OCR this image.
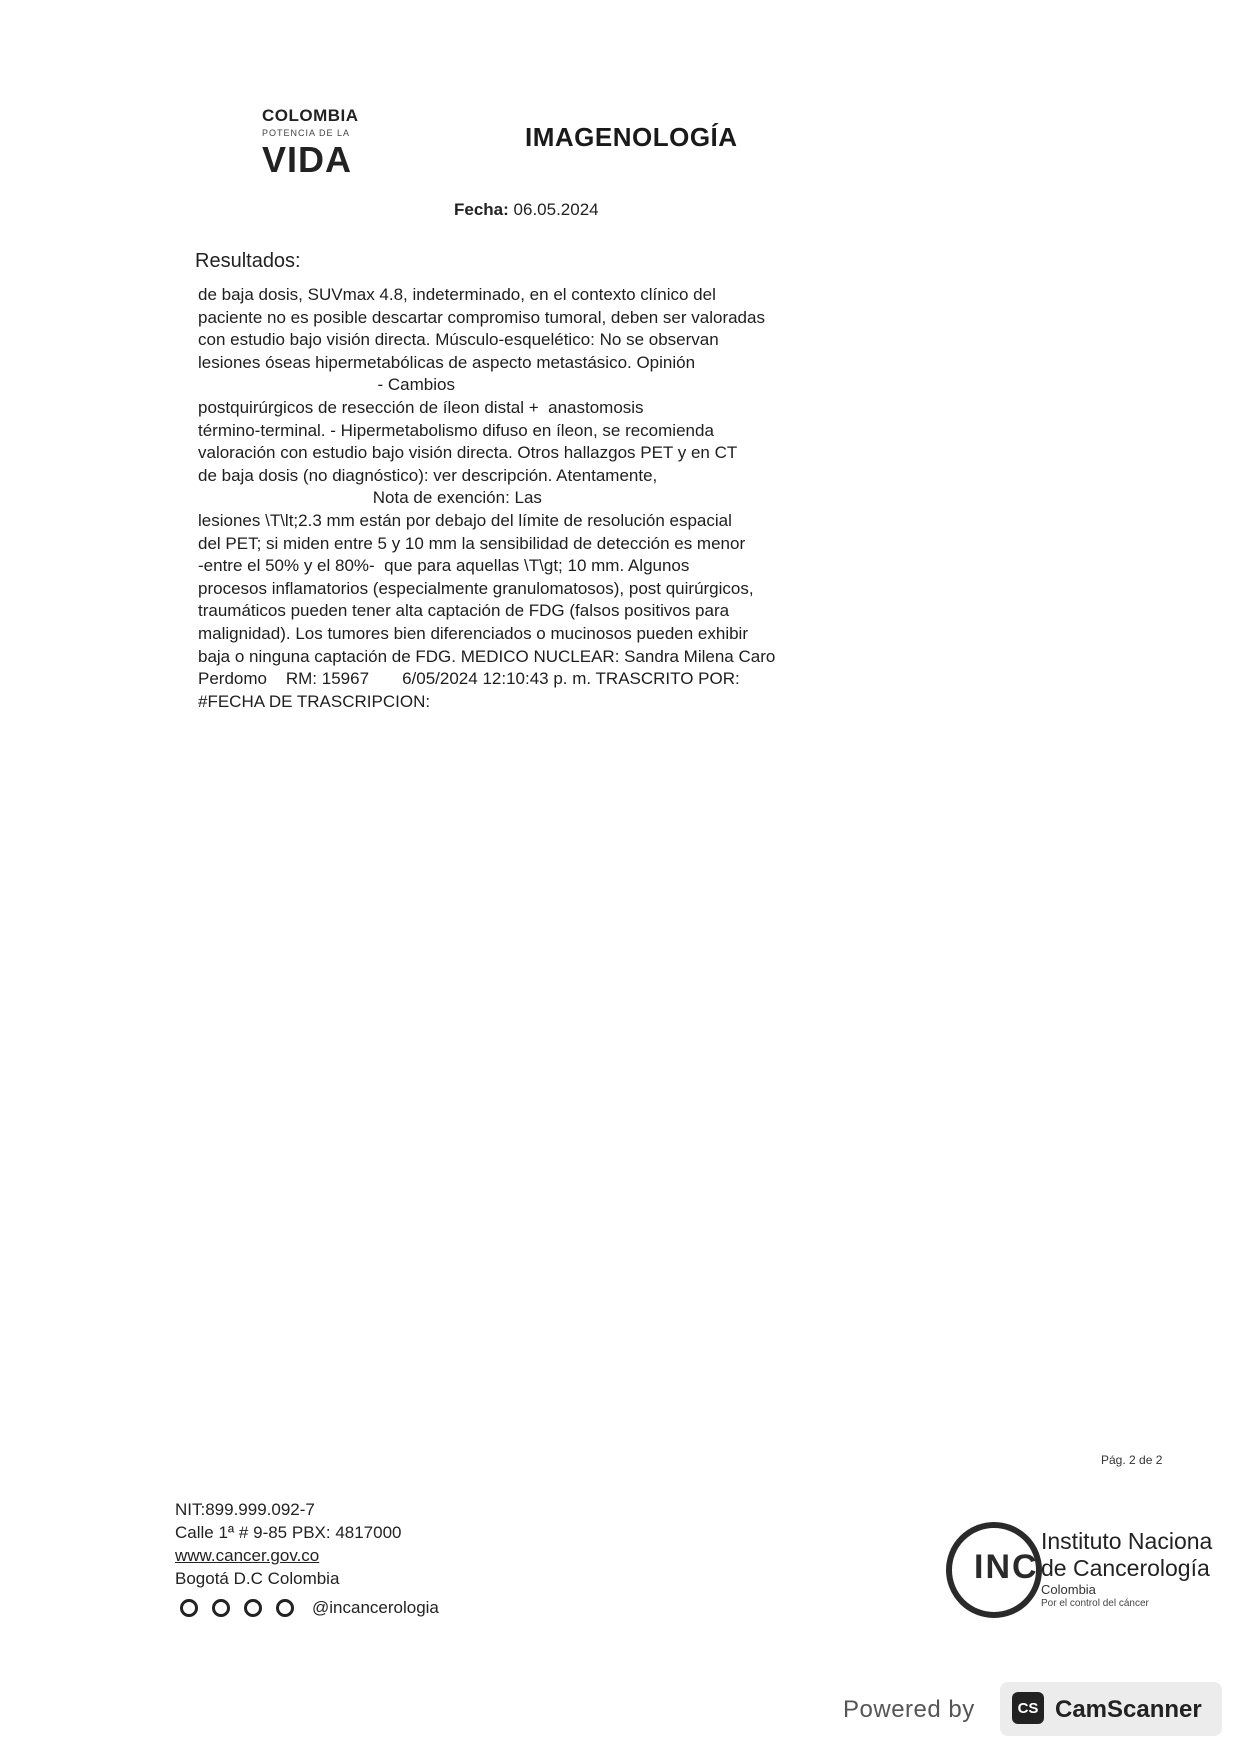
COLOMBIA
POTENCIA DE LA
VIDA
IMAGENOLOGÍA
Fecha: 06.05.2024
Resultados:
de baja dosis, SUVmax 4.8, indeterminado, en el contexto clínico del
paciente no es posible descartar compromiso tumoral, deben ser valoradas
con estudio bajo visión directa. Músculo-esquelético: No se observan
lesiones óseas hipermetabólicas de aspecto metastásico. Opinión
- Cambios
postquirúrgicos de resección de íleon distal +  anastomosis
término-terminal. - Hipermetabolismo difuso en íleon, se recomienda
valoración con estudio bajo visión directa. Otros hallazgos PET y en CT
de baja dosis (no diagnóstico): ver descripción. Atentamente,
Nota de exención: Las
lesiones \T\lt;2.3 mm están por debajo del límite de resolución espacial
del PET; si miden entre 5 y 10 mm la sensibilidad de detección es menor
-entre el 50% y el 80%-  que para aquellas \T\gt; 10 mm. Algunos
procesos inflamatorios (especialmente granulomatosos), post quirúrgicos,
traumáticos pueden tener alta captación de FDG (falsos positivos para
malignidad). Los tumores bien diferenciados o mucinosos pueden exhibir
baja o ninguna captación de FDG. MEDICO NUCLEAR: Sandra Milena Caro
Perdomo    RM: 15967       6/05/2024 12:10:43 p. m. TRASCRITO POR:
#FECHA DE TRASCRIPCION:
Pág. 2 de 2
NIT:899.999.092-7
Calle 1ª # 9-85 PBX: 4817000
www.cancer.gov.co
Bogotá D.C Colombia
@incancerologia
INC
Instituto Naciona
de Cancerología
Colombia
Por el control del cáncer
Powered by	CS CamScanner
